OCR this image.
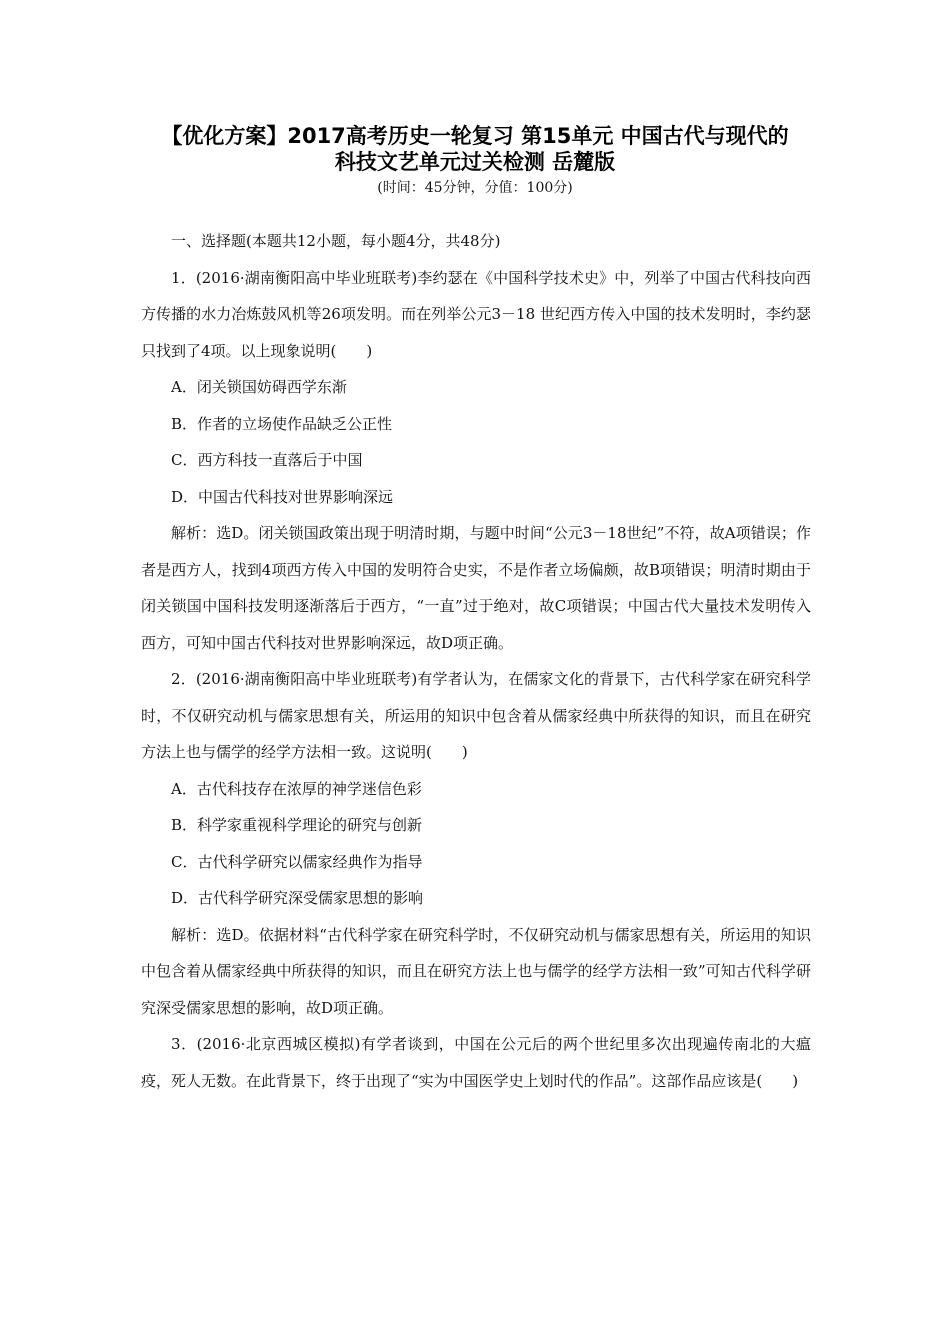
【优化方案】2017高考历史一轮复习 第15单元 中国古代与现代的
科技文艺单元过关检测 岳麓版
(时间：45分钟，分值：100分)

一、选择题(本题共12小题，每小题4分，共48分)

1．(2016·湖南衡阳高中毕业班联考)李约瑟在《中国科学技术史》中，列举了中国古代科技向西方传播的水力冶炼鼓风机等26项发明。而在列举公元3－18 世纪西方传入中国的技术发明时，李约瑟只找到了4项。以上现象说明(　　)

A．闭关锁国妨碍西学东渐

B．作者的立场使作品缺乏公正性

C．西方科技一直落后于中国

D．中国古代科技对世界影响深远

解析：选D。闭关锁国政策出现于明清时期，与题中时间“公元3－18世纪”不符，故A项错误；作者是西方人，找到4项西方传入中国的发明符合史实，不是作者立场偏颇，故B项错误；明清时期由于闭关锁国中国科技发明逐渐落后于西方，“一直”过于绝对，故C项错误；中国古代大量技术发明传入西方，可知中国古代科技对世界影响深远，故D项正确。

2．(2016·湖南衡阳高中毕业班联考)有学者认为，在儒家文化的背景下，古代科学家在研究科学时，不仅研究动机与儒家思想有关，所运用的知识中包含着从儒家经典中所获得的知识，而且在研究方法上也与儒学的经学方法相一致。这说明(　　)

A．古代科技存在浓厚的神学迷信色彩

B．科学家重视科学理论的研究与创新

C．古代科学研究以儒家经典作为指导

D．古代科学研究深受儒家思想的影响

解析：选D。依据材料“古代科学家在研究科学时，不仅研究动机与儒家思想有关，所运用的知识中包含着从儒家经典中所获得的知识，而且在研究方法上也与儒学的经学方法相一致”可知古代科学研究深受儒家思想的影响，故D项正确。

3．(2016·北京西城区模拟)有学者谈到，中国在公元后的两个世纪里多次出现遍传南北的大瘟疫，死人无数。在此背景下，终于出现了“实为中国医学史上划时代的作品”。这部作品应该是(　　)
